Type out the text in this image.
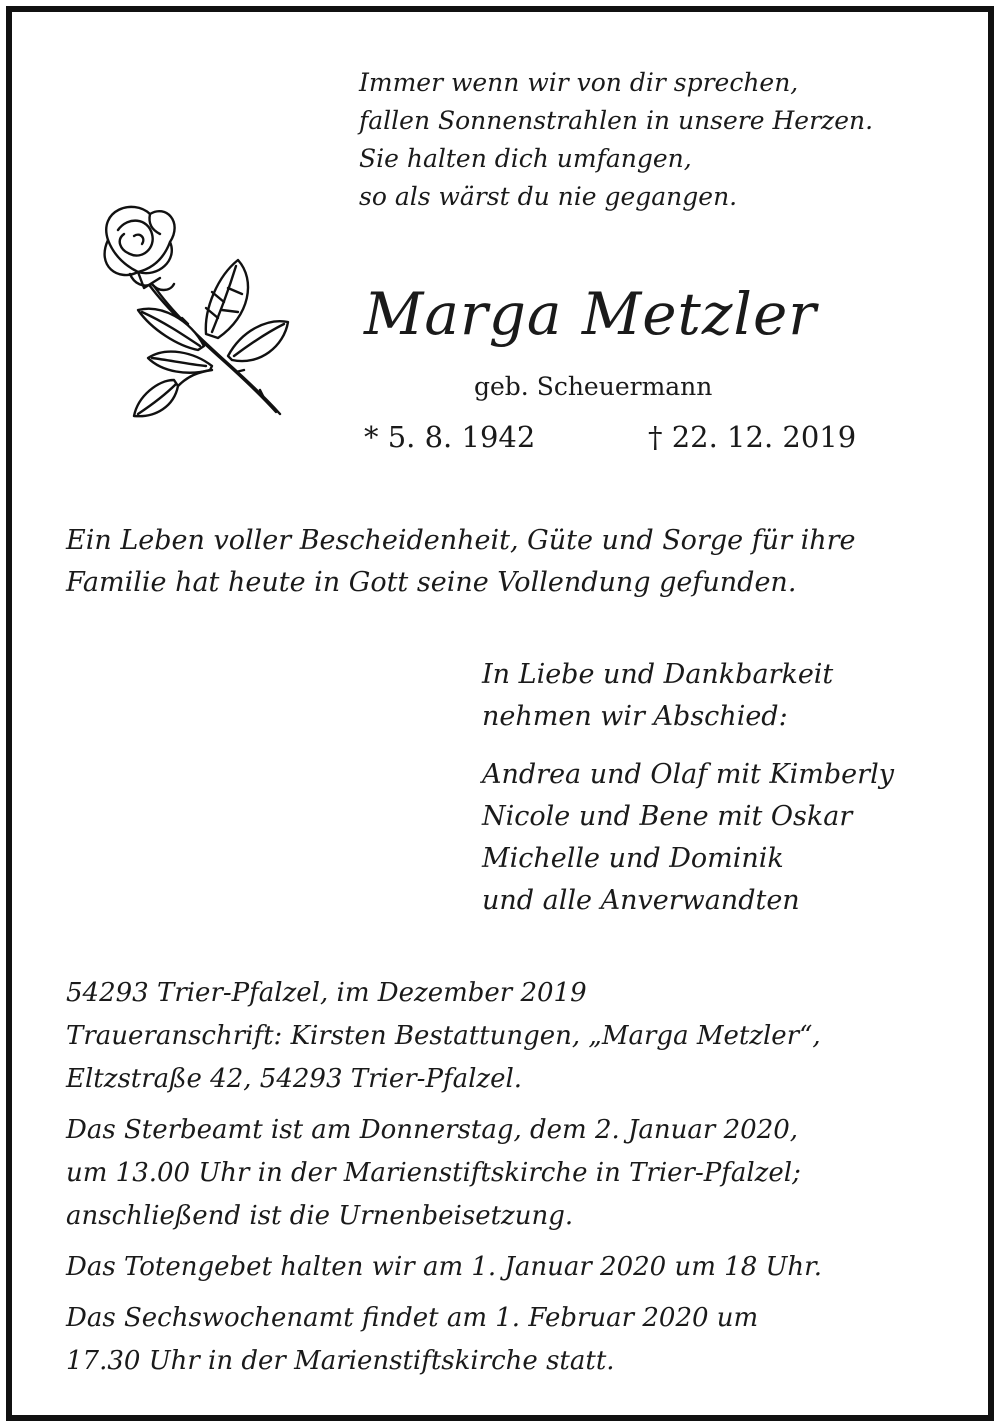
Immer wenn wir von dir sprechen,
fallen Sonnenstrahlen in unsere Herzen.
Sie halten dich umfangen,
so als wärst du nie gegangen.
Marga Metzler
geb. Scheuermann
* 5. 8. 1942	† 22. 12. 2019
Ein Leben voller Bescheidenheit, Güte und Sorge für ihre
Familie hat heute in Gott seine Vollendung gefunden.
In Liebe und Dankbarkeit
nehmen wir Abschied:
Andrea und Olaf mit Kimberly
Nicole und Bene mit Oskar
Michelle und Dominik
und alle Anverwandten

54293 Trier-Pfalzel, im Dezember 2019
Traueranschrift: Kirsten Bestattungen, „Marga Metzler“,
Eltzstraße 42, 54293 Trier-Pfalzel.

Das Sterbeamt ist am Donnerstag, dem 2. Januar 2020,
um 13.00 Uhr in der Marienstiftskirche in Trier-Pfalzel;
anschließend ist die Urnenbeisetzung.

Das Totengebet halten wir am 1. Januar 2020 um 18 Uhr.

Das Sechswochenamt findet am 1. Februar 2020 um
17.30 Uhr in der Marienstiftskirche statt.
